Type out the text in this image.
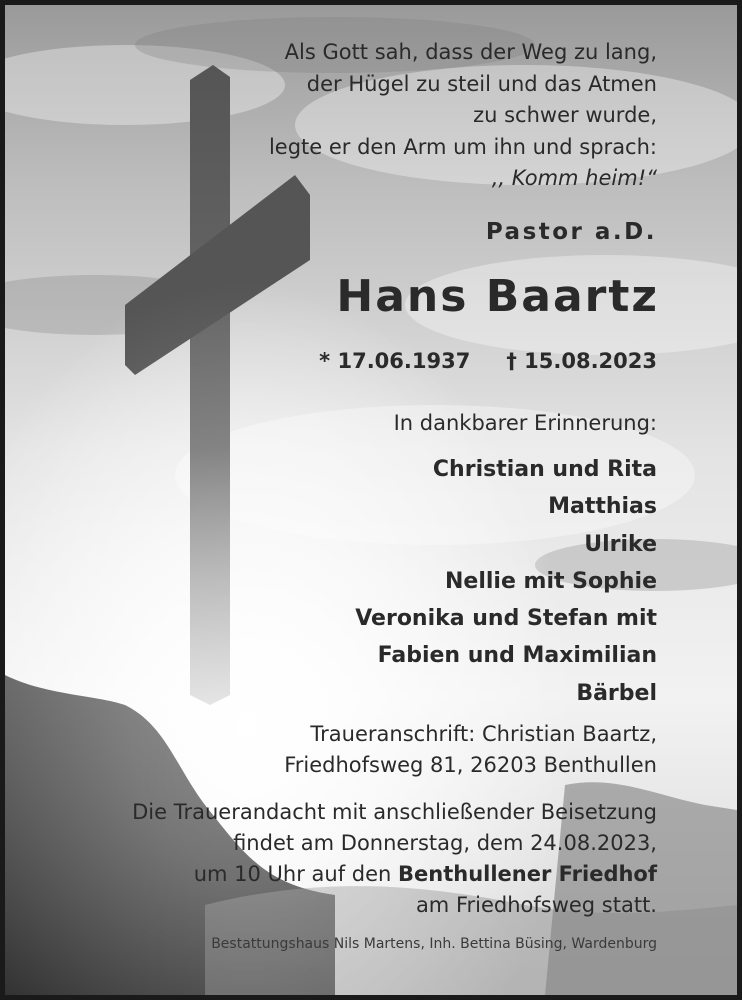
Als Gott sah, dass der Weg zu lang,
der Hügel zu steil und das Atmen
zu schwer wurde,
legte er den Arm um ihn und sprach:
,, Komm heim!“
Pastor a.D.
Hans Baartz
* 17.06.1937 † 15.08.2023
In dankbarer Erinnerung:
Christian und Rita
Matthias
Ulrike
Nellie mit Sophie
Veronika und Stefan mit
Fabien und Maximilian
Bärbel
Traueranschrift: Christian Baartz,
Friedhofsweg 81, 26203 Benthullen
Die Trauerandacht mit anschließender Beisetzung
findet am Donnerstag, dem 24.08.2023,
um 10 Uhr auf den Benthullener Friedhof
am Friedhofsweg statt.
Bestattungshaus Nils Martens, Inh. Bettina Büsing, Wardenburg
